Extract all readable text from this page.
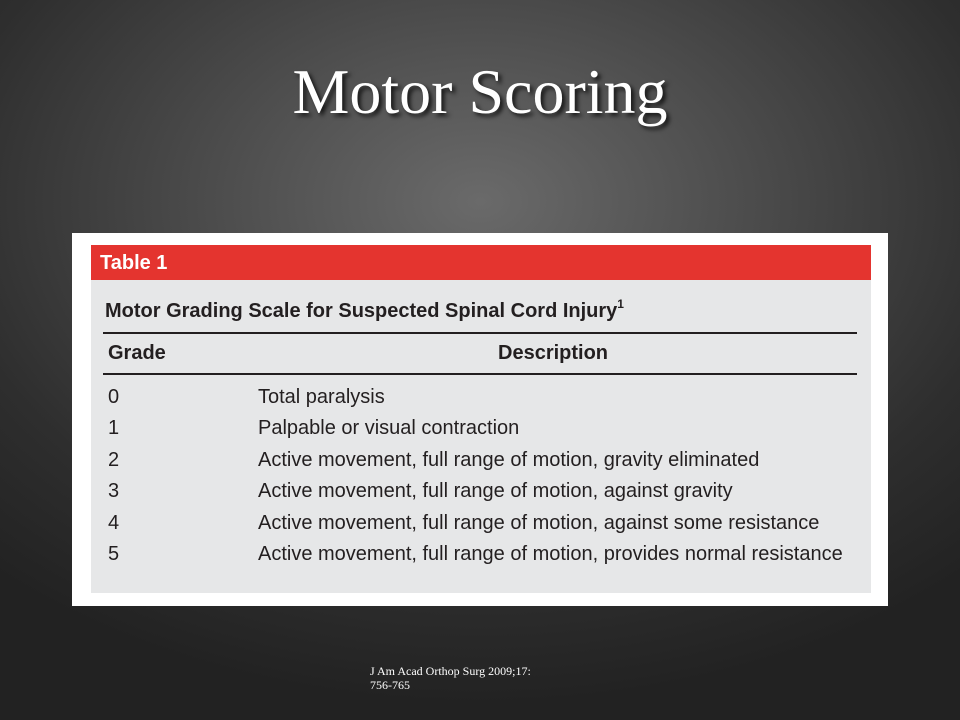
Motor Scoring
Table 1
Motor Grading Scale for Suspected Spinal Cord Injury$^1$
Grade	Description
0	Total paralysis
1	Palpable or visual contraction
2	Active movement, full range of motion, gravity eliminated
3	Active movement, full range of motion, against gravity
4	Active movement, full range of motion, against some resistance
5	Active movement, full range of motion, provides normal resistance
J Am Acad Orthop Surg 2009;17:
756-765
